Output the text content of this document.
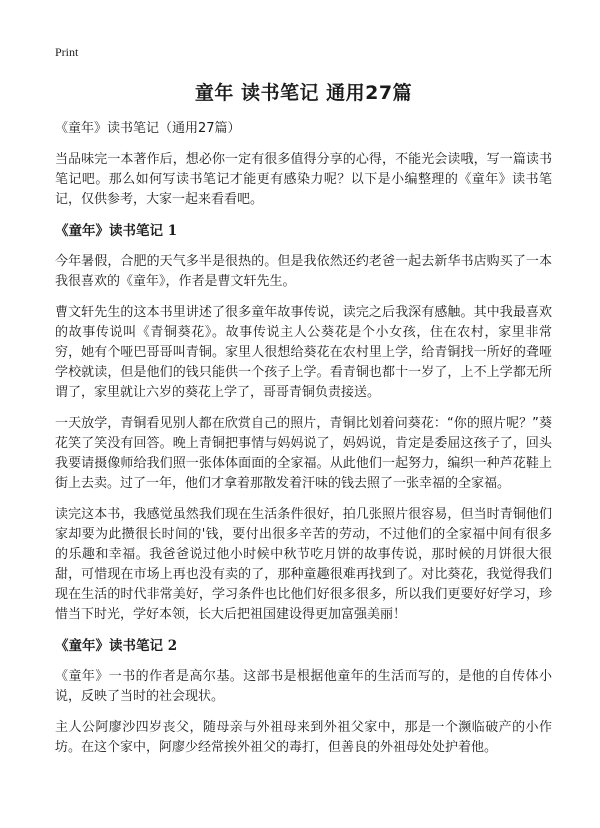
Print
童年 读书笔记 通用27篇

《童年》读书笔记（通用27篇）

当品味完一本著作后，想必你一定有很多值得分享的心得，不能光会读哦，写一篇读书笔记吧。那么如何写读书笔记才能更有感染力呢？以下是小编整理的《童年》读书笔记，仅供参考，大家一起来看看吧。

《童年》读书笔记 1

今年暑假，合肥的天气多半是很热的。但是我依然还约老爸一起去新华书店购买了一本我很喜欢的《童年》，作者是曹文轩先生。

曹文轩先生的这本书里讲述了很多童年故事传说，读完之后我深有感触。其中我最喜欢的故事传说叫《青铜葵花》。故事传说主人公葵花是个小女孩，住在农村，家里非常穷，她有个哑巴哥哥叫青铜。家里人很想给葵花在农村里上学，给青铜找一所好的聋哑学校就读，但是他们的钱只能供一个孩子上学。看青铜也都十一岁了，上不上学都无所谓了，家里就让六岁的葵花上学了，哥哥青铜负责接送。

一天放学，青铜看见别人都在欣赏自己的照片，青铜比划着问葵花：“你的照片呢？”葵花笑了笑没有回答。晚上青铜把事情与妈妈说了，妈妈说，肯定是委屈这孩子了，回头我要请摄像师给我们照一张体体面面的全家福。从此他们一起努力，编织一种芦花鞋上街上去卖。过了一年，他们才拿着那散发着汗味的钱去照了一张幸福的全家福。

读完这本书，我感觉虽然我们现在生活条件很好，拍几张照片很容易，但当时青铜他们家却要为此攒很长时间的'钱，要付出很多辛苦的劳动，不过他们的全家福中间有很多的乐趣和幸福。我爸爸说过他小时候中秋节吃月饼的故事传说，那时候的月饼很大很甜，可惜现在市场上再也没有卖的了，那种童趣很难再找到了。对比葵花，我觉得我们现在生活的时代非常美好，学习条件也比他们好很多很多，所以我们更要好好学习，珍惜当下时光，学好本领，长大后把祖国建设得更加富强美丽！

《童年》读书笔记 2

《童年》一书的作者是高尔基。这部书是根据他童年的生活而写的，是他的自传体小说，反映了当时的社会现状。

主人公阿廖沙四岁丧父，随母亲与外祖母来到外祖父家中，那是一个濒临破产的小作坊。在这个家中，阿廖少经常挨外祖父的毒打，但善良的外祖母处处护着他。
